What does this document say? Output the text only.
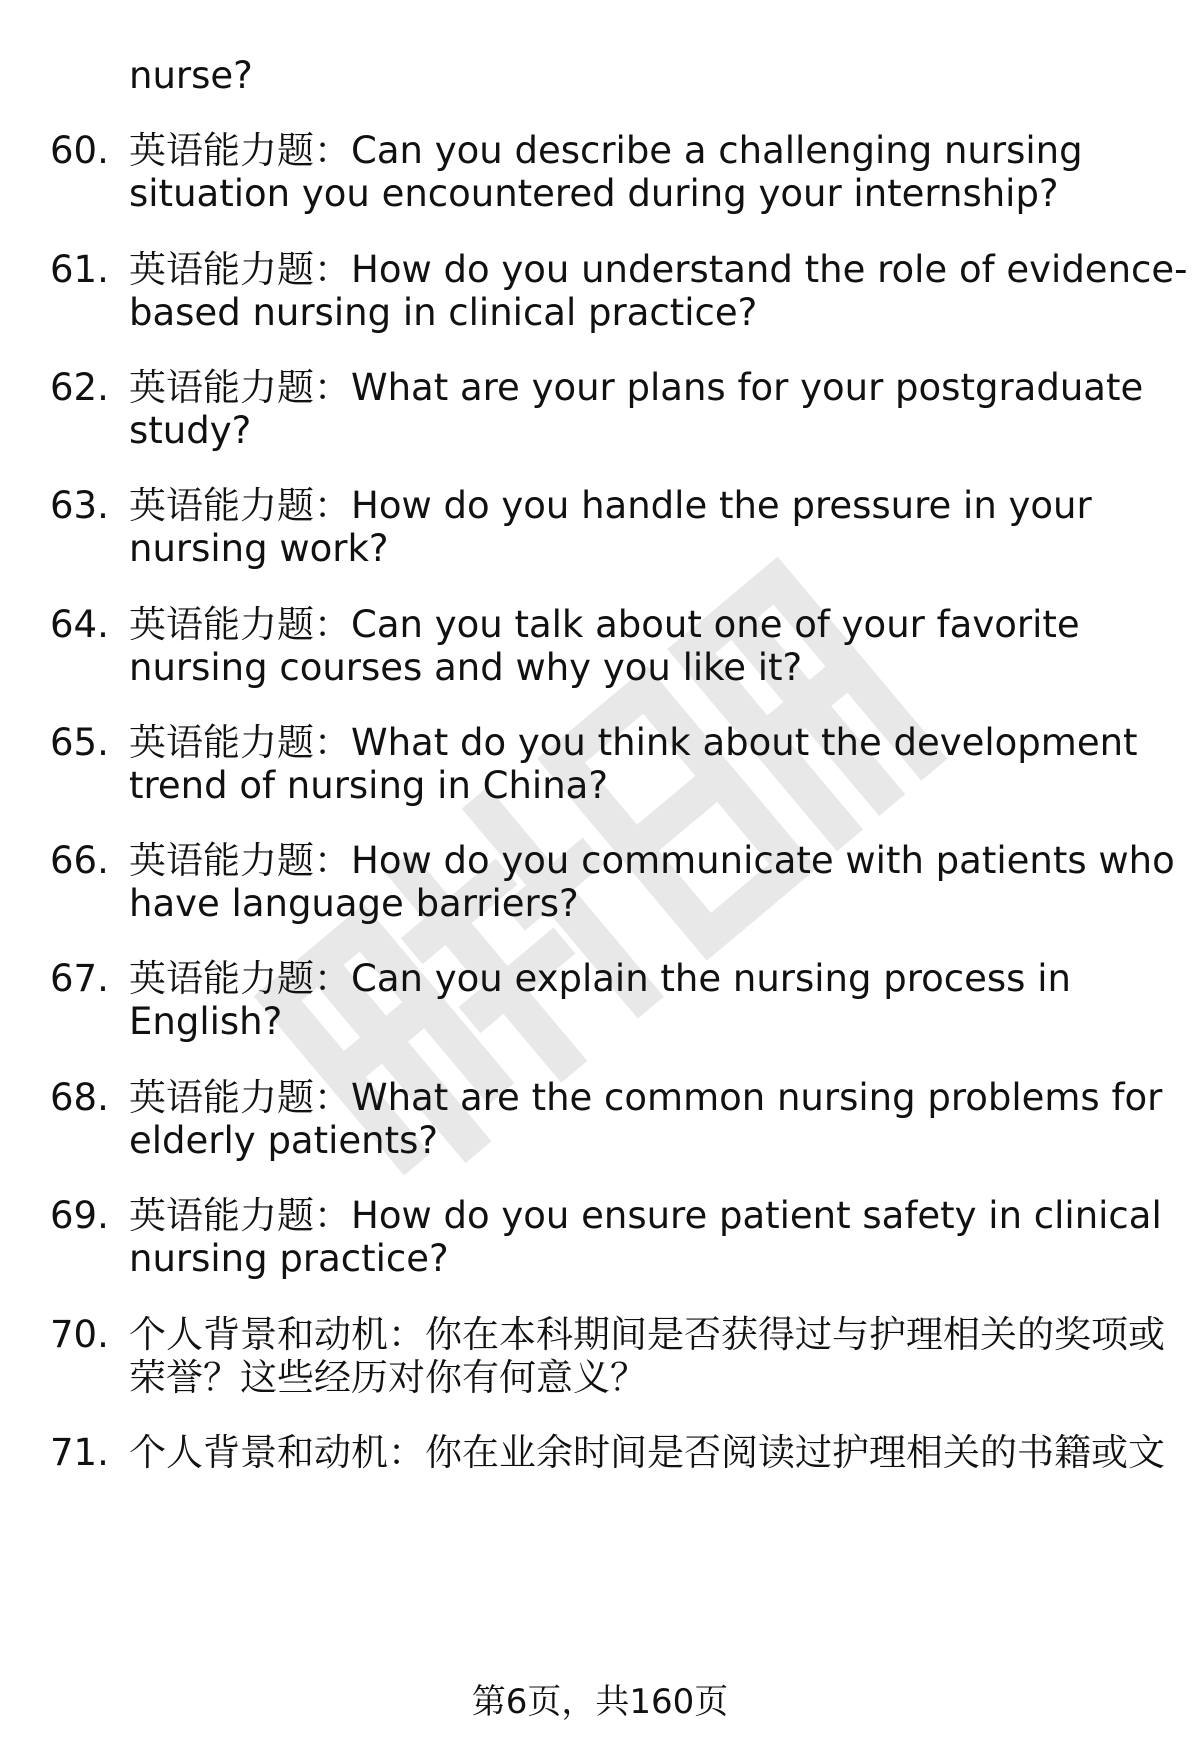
nurse?
60. 英语能力题：Can you describe a challenging nursing
situation you encountered during your internship?
61. 英语能力题：How do you understand the role of evidence-
based nursing in clinical practice?
62. 英语能力题：What are your plans for your postgraduate
study?
63. 英语能力题：How do you handle the pressure in your
nursing work?
64. 英语能力题：Can you talk about one of your favorite
nursing courses and why you like it?
65. 英语能力题：What do you think about the development
trend of nursing in China?
66. 英语能力题：How do you communicate with patients who
have language barriers?
67. 英语能力题：Can you explain the nursing process in
English?
68. 英语能力题：What are the common nursing problems for
elderly patients?
69. 英语能力题：How do you ensure patient safety in clinical
nursing practice?
70. 个人背景和动机：你在本科期间是否获得过与护理相关的奖项或
荣誉？这些经历对你有何意义？
71. 个人背景和动机：你在业余时间是否阅读过护理相关的书籍或文
第6页，共160页
